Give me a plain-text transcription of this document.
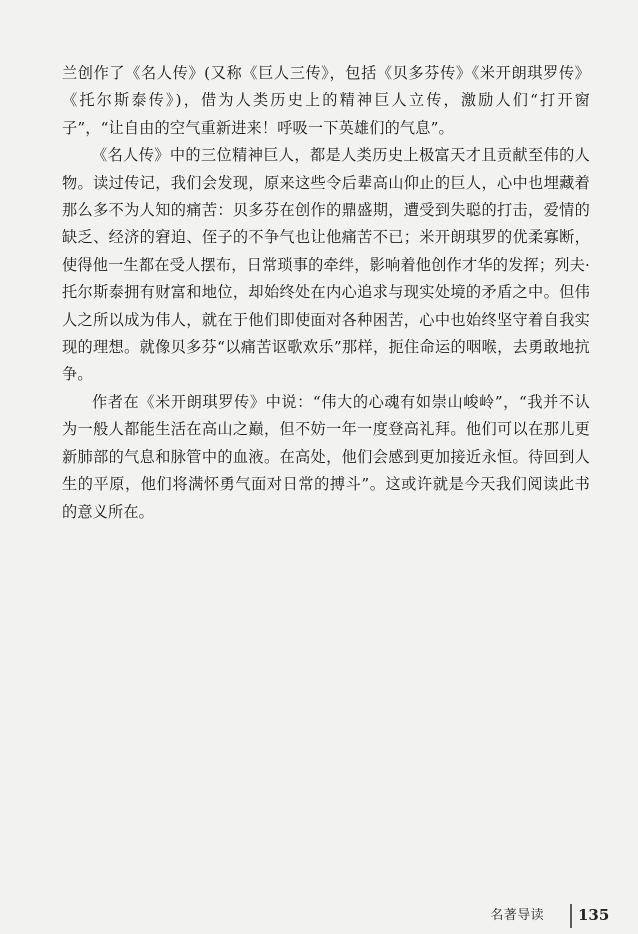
兰创作了《名人传》(又称《巨人三传》，包括《贝多芬传》《米开朗琪罗传》《托尔斯泰传》)，借为人类历史上的精神巨人立传，激励人们“打开窗子”，“让自由的空气重新进来！呼吸一下英雄们的气息”。

《名人传》中的三位精神巨人，都是人类历史上极富天才且贡献至伟的人物。读过传记，我们会发现，原来这些令后辈高山仰止的巨人，心中也埋藏着那么多不为人知的痛苦：贝多芬在创作的鼎盛期，遭受到失聪的打击，爱情的缺乏、经济的窘迫、侄子的不争气也让他痛苦不已；米开朗琪罗的优柔寡断，使得他一生都在受人摆布，日常琐事的牵绊，影响着他创作才华的发挥；列夫·托尔斯泰拥有财富和地位，却始终处在内心追求与现实处境的矛盾之中。但伟人之所以成为伟人，就在于他们即使面对各种困苦，心中也始终坚守着自我实现的理想。就像贝多芬“以痛苦讴歌欢乐”那样，扼住命运的咽喉，去勇敢地抗争。

作者在《米开朗琪罗传》中说：“伟大的心魂有如崇山峻岭”，“我并不认为一般人都能生活在高山之巅，但不妨一年一度登高礼拜。他们可以在那儿更新肺部的气息和脉管中的血液。在高处，他们会感到更加接近永恒。待回到人生的平原，他们将满怀勇气面对日常的搏斗”。这或许就是今天我们阅读此书的意义所在。

名著导读 135
